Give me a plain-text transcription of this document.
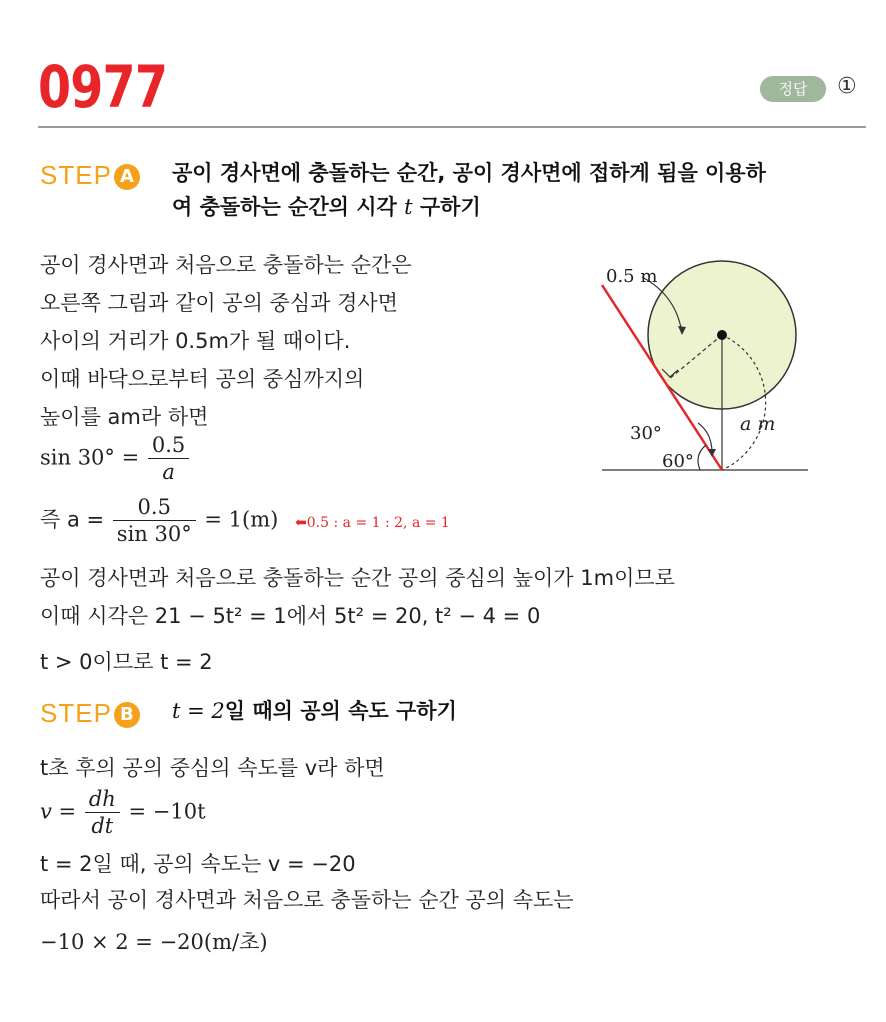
0977	정답	①
STEP A 공이 경사면에 충돌하는 순간, 공이 경사면에 접하게 됨을 이용하
여 충돌하는 순간의 시각 t 구하기
공이 경사면과 처음으로 충돌하는 순간은
오른쪽 그림과 같이 공의 중심과 경사면
사이의 거리가 0.5m가 될 때이다.
이때 바닥으로부터 공의 중심까지의
높이를 am라 하면
$\sin 30^\circ = \frac{0.5}{a}$
즉 $a = \frac{0.5}{\sin 30^\circ} = 1(m)$ ⬅0.5 : a = 1 : 2, a = 1
공이 경사면과 처음으로 충돌하는 순간 공의 중심의 높이가 1m이므로
이때 시각은 21 − 5t² = 1에서 5t² = 20, t² − 4 = 0
t > 0이므로 t = 2
0.5 m
a m
30°
60°
STEP B t = 2일 때의 공의 속도 구하기
t초 후의 공의 중심의 속도를 v라 하면
$v = \frac{dh}{dt} = -10t$
t = 2일 때, 공의 속도는 v = −20
따라서 공이 경사면과 처음으로 충돌하는 순간 공의 속도는
−10 × 2 = −20(m/초)
